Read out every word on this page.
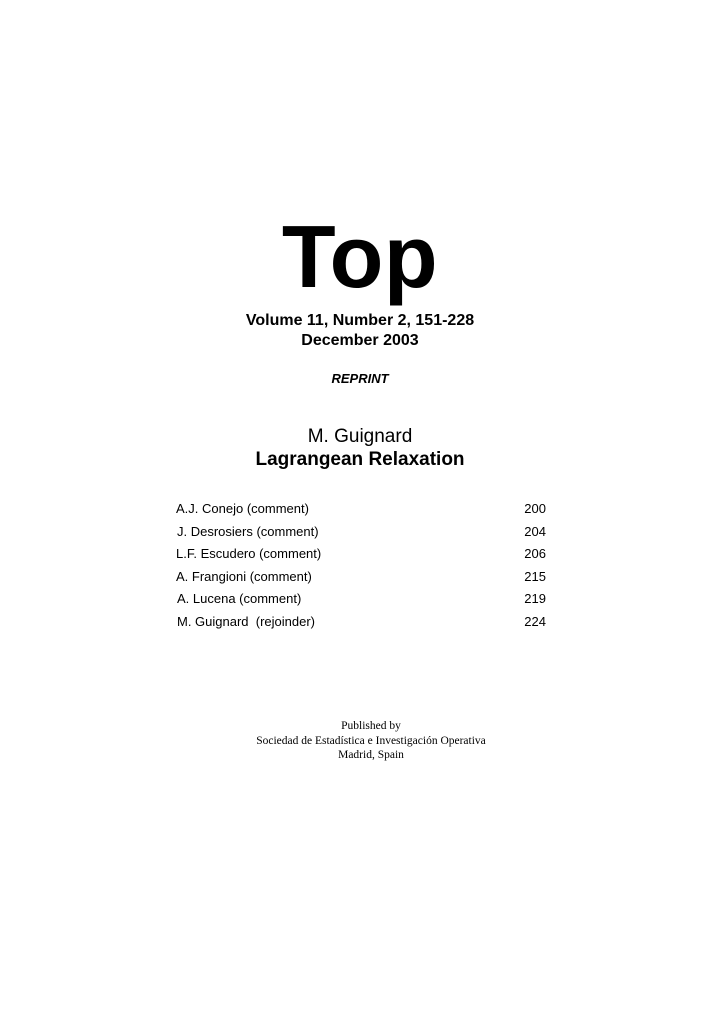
Top
Volume 11, Number 2, 151-228
December 2003
REPRINT
M. Guignard
Lagrangean Relaxation
A.J. Conejo (comment)	200
J. Desrosiers (comment)	204
L.F. Escudero (comment)	206
A. Frangioni (comment)	215
A. Lucena (comment)	219
M. Guignard  (rejoinder)	224
Published by
Sociedad de Estadística e Investigación Operativa
Madrid, Spain
